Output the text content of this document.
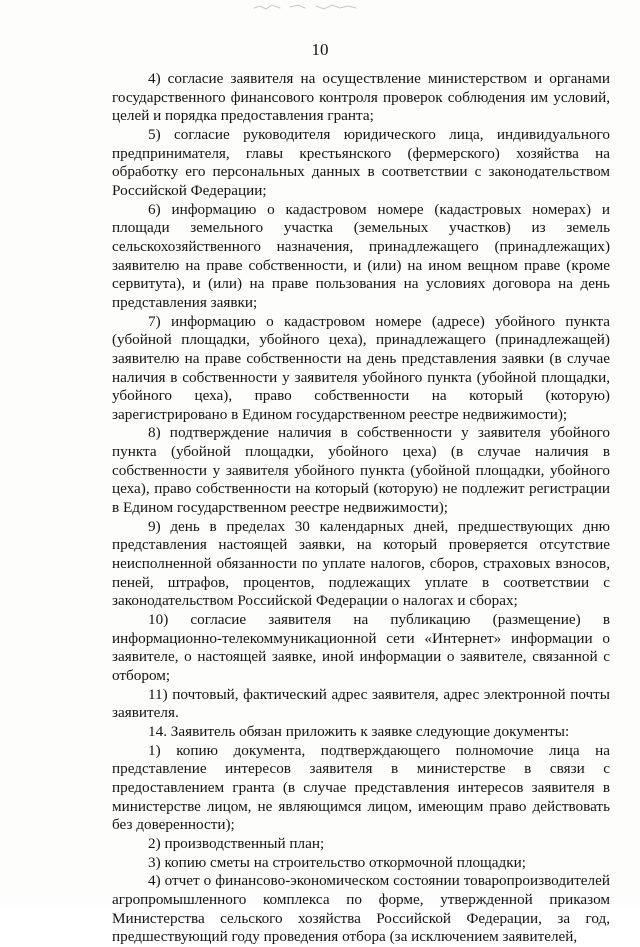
10

4) согласие заявителя на осуществление министерством и органами государственного финансового контроля проверок соблюдения им условий, целей и порядка предоставления гранта;

5) согласие руководителя юридического лица, индивидуального предпринимателя, главы крестьянского (фермерского) хозяйства на обработку его персональных данных в соответствии с законодательством Российской Федерации;

6) информацию о кадастровом номере (кадастровых номерах) и площади земельного участка (земельных участков) из земель сельскохозяйственного назначения, принадлежащего (принадлежащих) заявителю на праве собственности, и (или) на ином вещном праве (кроме сервитута), и (или) на праве пользования на условиях договора на день представления заявки;

7) информацию о кадастровом номере (адресе) убойного пункта (убойной площадки, убойного цеха), принадлежащего (принадлежащей) заявителю на праве собственности на день представления заявки (в случае наличия в собственности у заявителя убойного пункта (убойной площадки, убойного цеха), право собственности на который (которую) зарегистрировано в Едином государственном реестре недвижимости);

8) подтверждение наличия в собственности у заявителя убойного пункта (убойной площадки, убойного цеха) (в случае наличия в собственности у заявителя убойного пункта (убойной площадки, убойного цеха), право собственности на который (которую) не подлежит регистрации в Едином государственном реестре недвижимости);

9) день в пределах 30 календарных дней, предшествующих дню представления настоящей заявки, на который проверяется отсутствие неисполненной обязанности по уплате налогов, сборов, страховых взносов, пеней, штрафов, процентов, подлежащих уплате в соответствии с законодательством Российской Федерации о налогах и сборах;

10) согласие заявителя на публикацию (размещение) в информационно-телекоммуникационной сети «Интернет» информации о заявителе, о настоящей заявке, иной информации о заявителе, связанной с отбором;

11) почтовый, фактический адрес заявителя, адрес электронной почты заявителя.

14. Заявитель обязан приложить к заявке следующие документы:

1) копию документа, подтверждающего полномочие лица на представление интересов заявителя в министерстве в связи с предоставлением гранта (в случае представления интересов заявителя в министерстве лицом, не являющимся лицом, имеющим право действовать без доверенности);

2) производственный план;

3) копию сметы на строительство откормочной площадки;

4) отчет о финансово-экономическом состоянии товаропроизводителей агропромышленного комплекса по форме, утвержденной приказом Министерства сельского хозяйства Российской Федерации, за год, предшествующий году проведения отбора (за исключением заявителей,
